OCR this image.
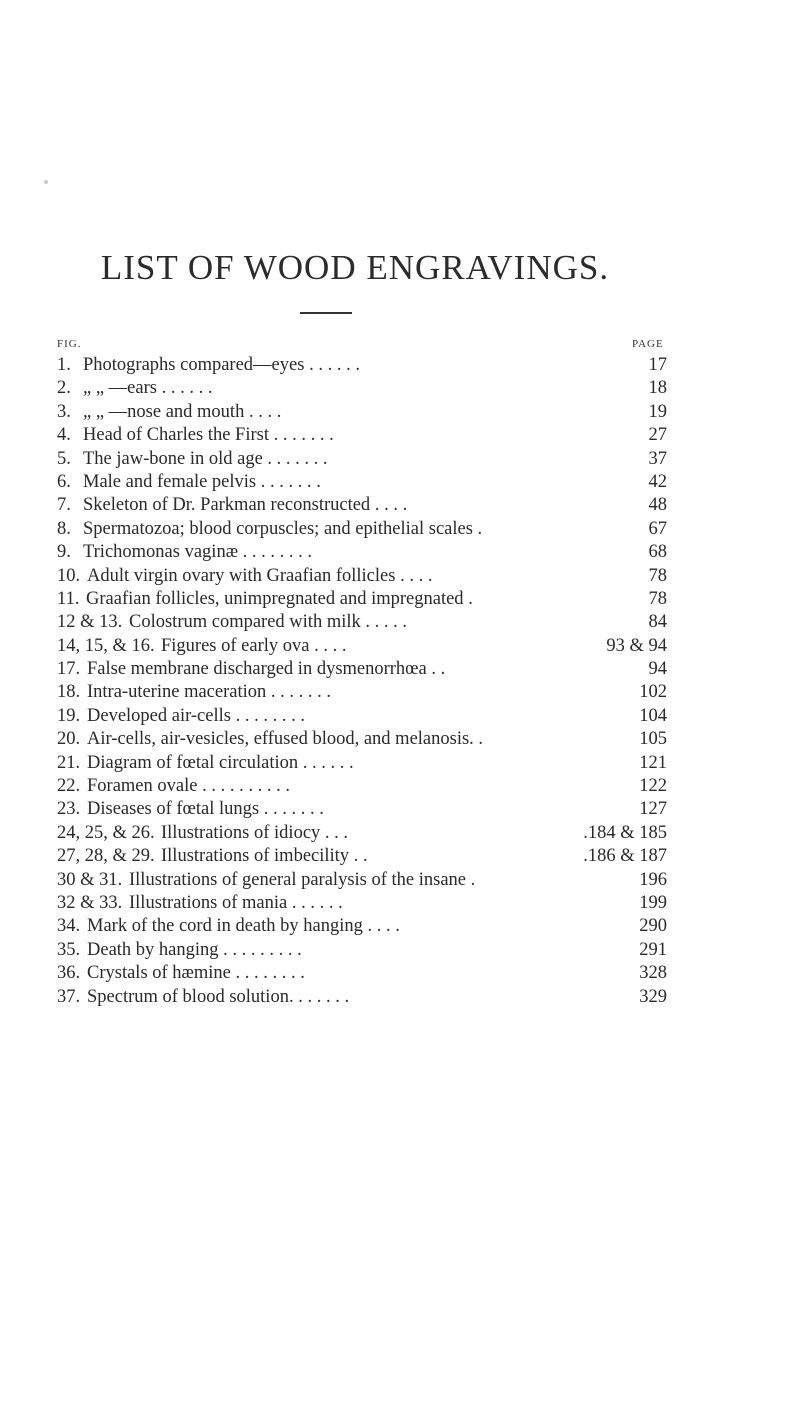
LIST OF WOOD ENGRAVINGS.
FIG.	PAGE
1. Photographs compared—eyes . . . . . .	17
2. „ „ —ears . . . . . .	18
3. „ „ —nose and mouth . . . .	19
4. Head of Charles the First . . . . . . .	27
5. The jaw-bone in old age . . . . . . .	37
6. Male and female pelvis . . . . . . .	42
7. Skeleton of Dr. Parkman reconstructed . . . .	48
8. Spermatozoa; blood corpuscles; and epithelial scales .	67
9. Trichomonas vaginæ . . . . . . . .	68
10. Adult virgin ovary with Graafian follicles . . . .	78
11. Graafian follicles, unimpregnated and impregnated .	78
12 & 13. Colostrum compared with milk . . . . .	84
14, 15, & 16. Figures of early ova . . . .	93 & 94
17. False membrane discharged in dysmenorrhœa . .	94
18. Intra-uterine maceration . . . . . . .	102
19. Developed air-cells . . . . . . . .	104
20. Air-cells, air-vesicles, effused blood, and melanosis. .	105
21. Diagram of fœtal circulation . . . . . .	121
22. Foramen ovale . . . . . . . . . .	122
23. Diseases of fœtal lungs . . . . . . .	127
24, 25, & 26. Illustrations of idiocy . . .	.184 & 185
27, 28, & 29. Illustrations of imbecility . .	.186 & 187
30 & 31. Illustrations of general paralysis of the insane .	196
32 & 33. Illustrations of mania . . . . . .	199
34. Mark of the cord in death by hanging . . . .	290
35. Death by hanging . . . . . . . . .	291
36. Crystals of hæmine . . . . . . . .	328
37. Spectrum of blood solution. . . . . . .	329
